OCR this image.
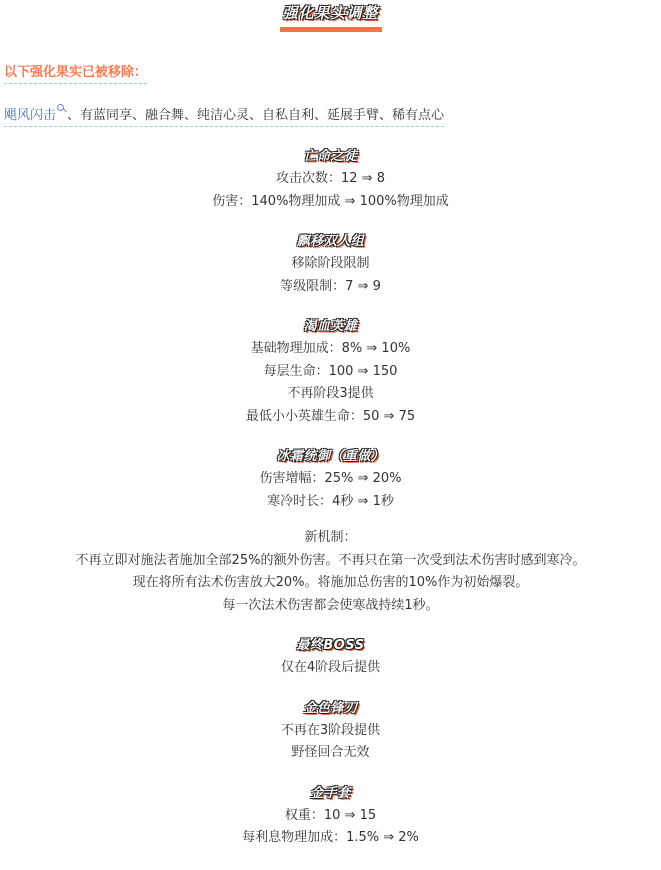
强化果实调整
以下强化果实已被移除：
飓风闪击 、有蓝同享、融合舞、纯洁心灵、自私自利、延展手臂、稀有点心
亡命之徒
攻击次数：12 ⇒ 8
伤害：140%物理加成 ⇒ 100%物理加成
飘移双人组
移除阶段限制
等级限制：7 ⇒ 9
渴血英雄
基础物理加成：8% ⇒ 10%
每层生命：100 ⇒ 150
不再阶段3提供
最低小小英雄生命：50 ⇒ 75
冰霜统御（重做）
伤害增幅：25% ⇒ 20%
寒冷时长：4秒 ⇒ 1秒
新机制：
不再立即对施法者施加全部25%的额外伤害。不再只在第一次受到法术伤害时感到寒冷。
现在将所有法术伤害放大20%。将施加总伤害的10%作为初始爆裂。
每一次法术伤害都会使寒战持续1秒。
最终BOSS
仅在4阶段后提供
金色锋刃
不再在3阶段提供
野怪回合无效
金手套
权重：10 ⇒ 15
每利息物理加成：1.5% ⇒ 2%
